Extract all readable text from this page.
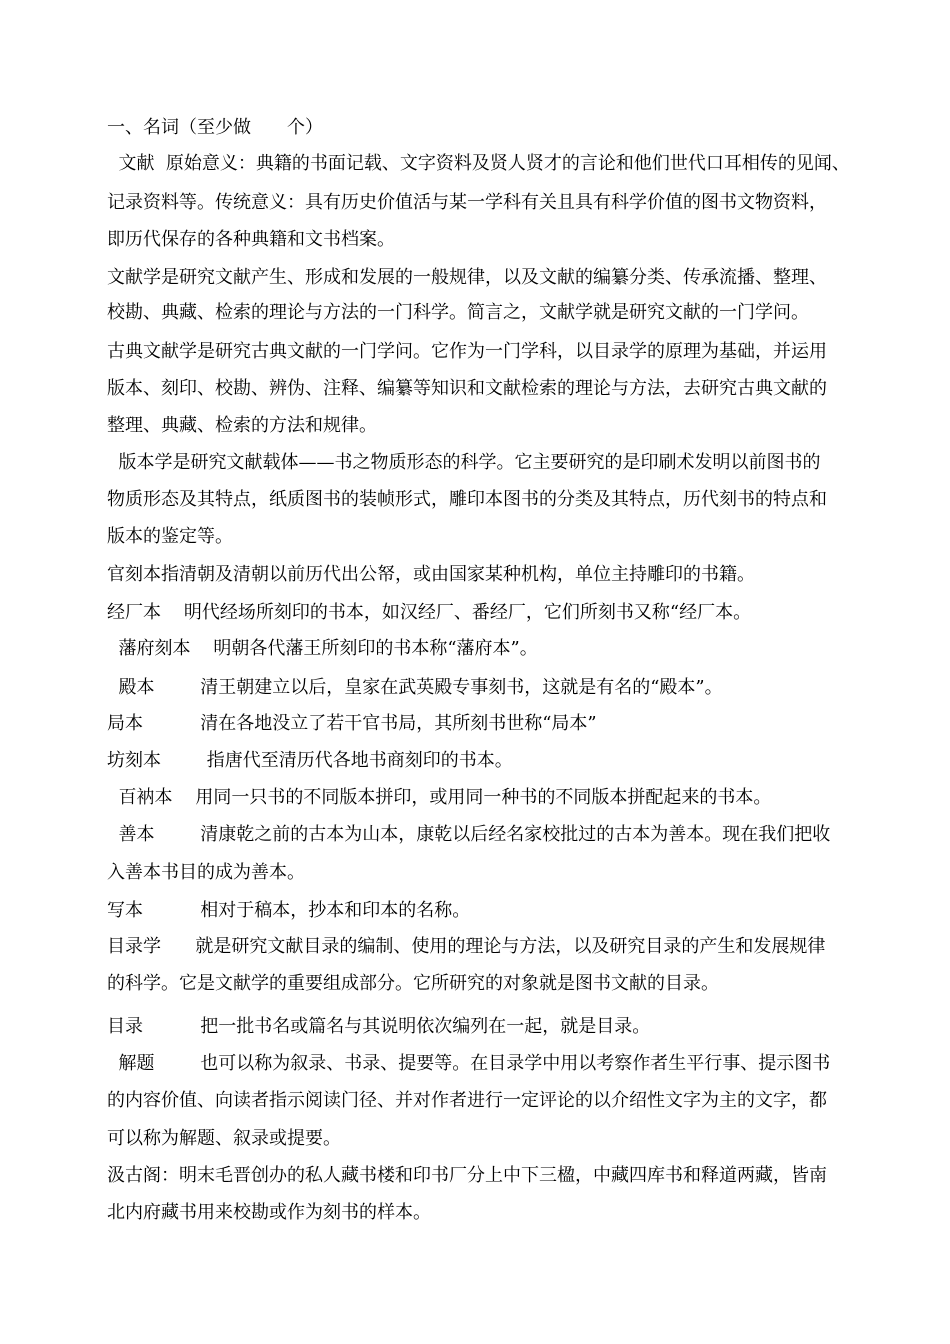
一、名词（至少做　　个）
文献  原始意义：典籍的书面记载、文字资料及贤人贤才的言论和他们世代口耳相传的见闻、
记录资料等。传统意义：具有历史价值活与某一学科有关且具有科学价值的图书文物资料，
即历代保存的各种典籍和文书档案。
文献学是研究文献产生、形成和发展的一般规律，以及文献的编纂分类、传承流播、整理、
校勘、典藏、检索的理论与方法的一门科学。简言之，文献学就是研究文献的一门学问。
古典文献学是研究古典文献的一门学问。它作为一门学科，以目录学的原理为基础，并运用
版本、刻印、校勘、辨伪、注释、编纂等知识和文献检索的理论与方法，去研究古典文献的
整理、典藏、检索的方法和规律。
版本学是研究文献载体——书之物质形态的科学。它主要研究的是印刷术发明以前图书的
物质形态及其特点，纸质图书的装帧形式，雕印本图书的分类及其特点，历代刻书的特点和
版本的鉴定等。
官刻本指清朝及清朝以前历代出公帑，或由国家某种机构，单位主持雕印的书籍。
经厂本    明代经场所刻印的书本，如汉经厂、番经厂，它们所刻书又称“经厂本。
藩府刻本    明朝各代藩王所刻印的书本称“藩府本”。
殿本        清王朝建立以后，皇家在武英殿专事刻书，这就是有名的“殿本”。
局本          清在各地没立了若干官书局，其所刻书世称“局本”
坊刻本        指唐代至清历代各地书商刻印的书本。
百衲本    用同一只书的不同版本拼印，或用同一种书的不同版本拼配起来的书本。
善本        清康乾之前的古本为山本，康乾以后经名家校批过的古本为善本。现在我们把收
入善本书目的成为善本。
写本          相对于稿本，抄本和印本的名称。
目录学      就是研究文献目录的编制、使用的理论与方法，以及研究目录的产生和发展规律
的科学。它是文献学的重要组成部分。它所研究的对象就是图书文献的目录。
目录          把一批书名或篇名与其说明依次编列在一起，就是目录。
解题        也可以称为叙录、书录、提要等。在目录学中用以考察作者生平行事、提示图书
的内容价值、向读者指示阅读门径、并对作者进行一定评论的以介绍性文字为主的文字，都
可以称为解题、叙录或提要。
汲古阁：明末毛晋创办的私人藏书楼和印书厂分上中下三楹，中藏四库书和释道两藏，皆南
北内府藏书用来校勘或作为刻书的样本。
